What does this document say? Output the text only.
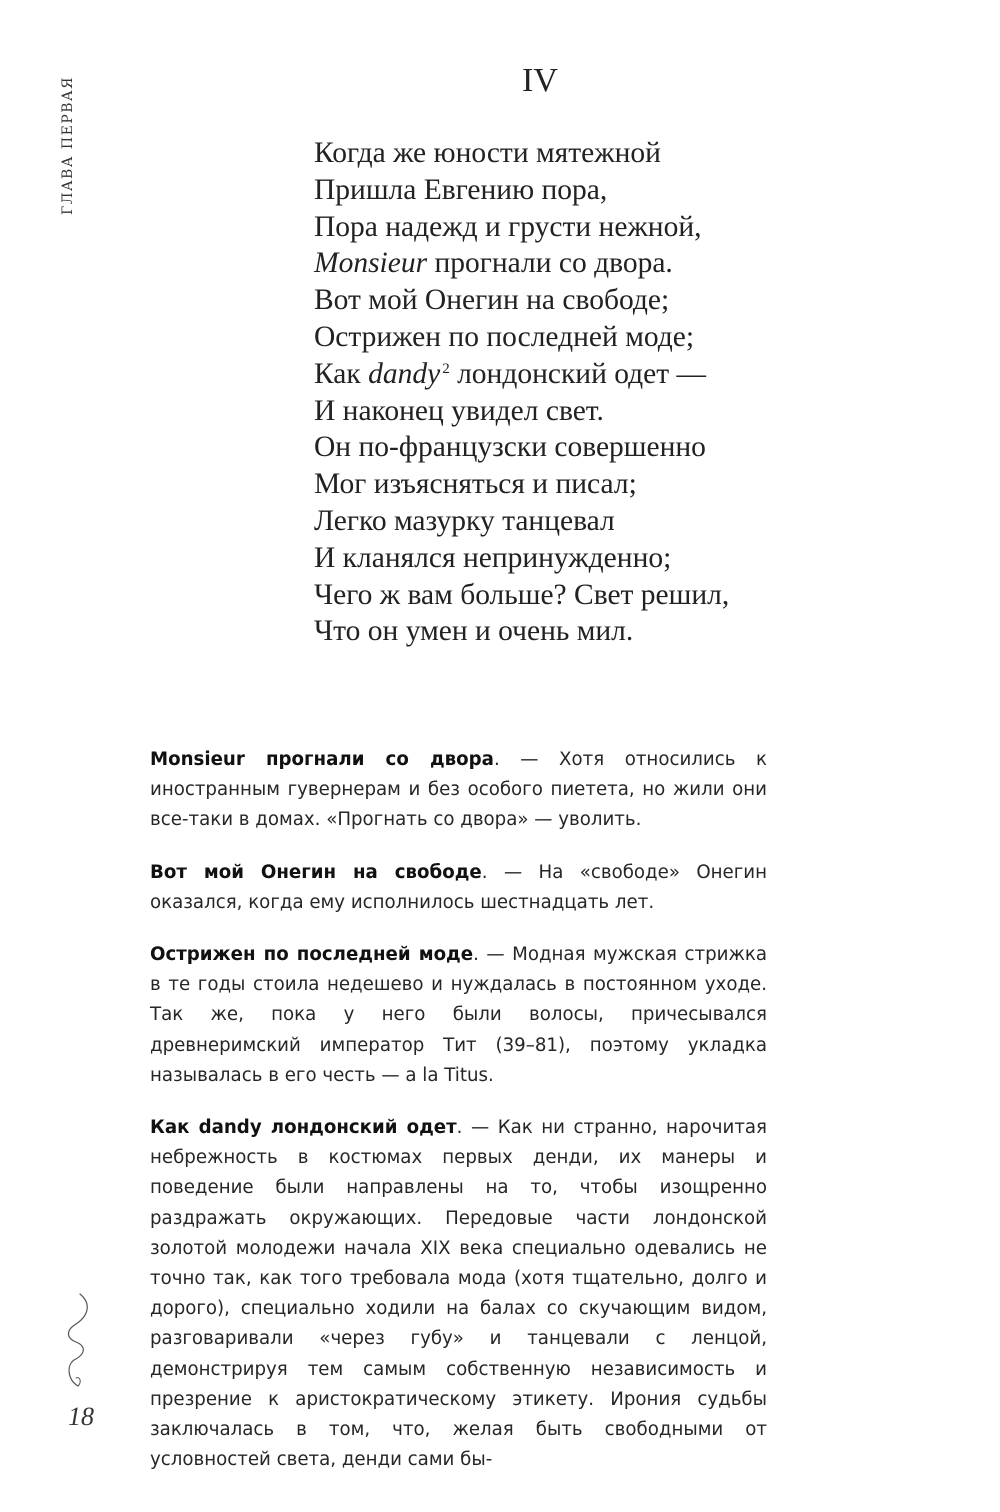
ГЛАВА ПЕРВАЯ	IV
Когда же юности мятежной
Пришла Евгению пора,
Пора надежд и грусти нежной,
Monsieur прогнали со двора.
Вот мой Онегин на свободе;
Острижен по последней моде;
Как dandy $^2$ лондонский одет —
И наконец увидел свет.
Он по-французски совершенно
Мог изъясняться и писал;
Легко мазурку танцевал
И кланялся непринужденно;
Чего ж вам больше? Свет решил,
Что он умен и очень мил.

Monsieur прогнали со двора. — Хотя относились к иностранным гувернерам и без особого пиетета, но жили они все-таки в домах. «Прогнать со двора» — уволить.

Вот мой Онегин на свободе. — На «свободе» Онегин оказался, когда ему исполнилось шестнадцать лет.

Острижен по последней моде. — Модная мужская стрижка в те годы стоила недешево и нуждалась в постоянном уходе. Так же, пока у него были волосы, причесывался древнеримский император Тит (39–81), поэтому укладка называлась в его честь — a la Titus.

Как dandy лондонский одет. — Как ни странно, нарочитая небрежность в костюмах первых денди, их манеры и поведение были направлены на то, чтобы изощренно раздражать окружающих. Передовые части лондонской золотой молодежи начала XIX века специально одевались не точно так, как того требовала мода (хотя тщательно, долго и дорого), специально ходили на балах со скучающим видом, разговаривали «через губу» и танцевали с ленцой, демонстрируя тем самым собственную независимость и презрение к аристократическому этикету. Ирония судьбы заключалась в том, что, желая быть свободными от условностей света, денди сами бы-

18
